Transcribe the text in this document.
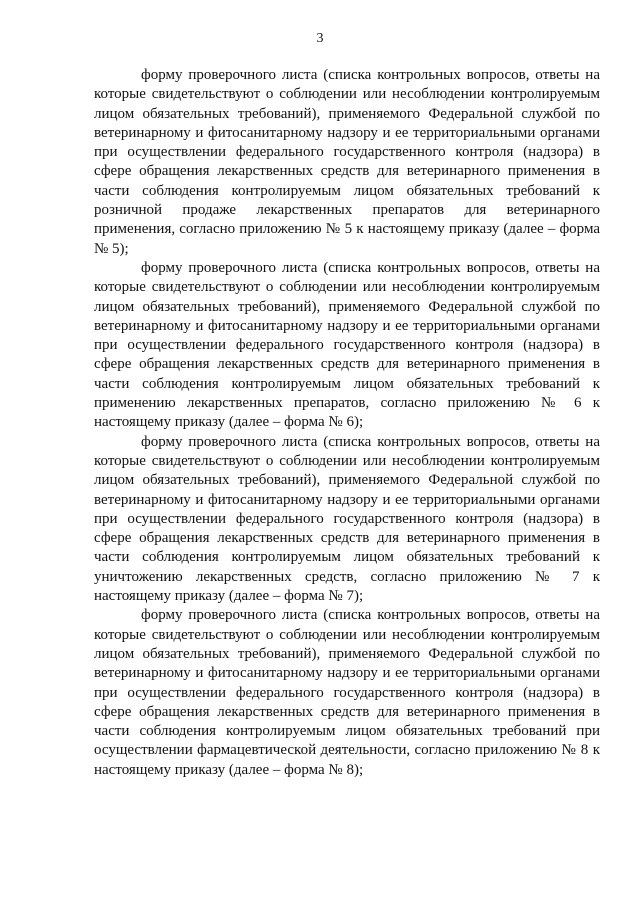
3

форму проверочного листа (списка контрольных вопросов, ответы на которые свидетельствуют о соблюдении или несоблюдении контролируемым лицом обязательных требований), применяемого Федеральной службой по ветеринарному и фитосанитарному надзору и ее территориальными органами при осуществлении федерального государственного контроля (надзора) в сфере обращения лекарственных средств для ветеринарного применения в части соблюдения контролируемым лицом обязательных требований к розничной продаже лекарственных препаратов для ветеринарного применения, согласно приложению № 5 к настоящему приказу (далее – форма № 5);

форму проверочного листа (списка контрольных вопросов, ответы на которые свидетельствуют о соблюдении или несоблюдении контролируемым лицом обязательных требований), применяемого Федеральной службой по ветеринарному и фитосанитарному надзору и ее территориальными органами при осуществлении федерального государственного контроля (надзора) в сфере обращения лекарственных средств для ветеринарного применения в части соблюдения контролируемым лицом обязательных требований к применению лекарственных препаратов, согласно приложению № 6 к настоящему приказу (далее – форма № 6);

форму проверочного листа (списка контрольных вопросов, ответы на которые свидетельствуют о соблюдении или несоблюдении контролируемым лицом обязательных требований), применяемого Федеральной службой по ветеринарному и фитосанитарному надзору и ее территориальными органами при осуществлении федерального государственного контроля (надзора) в сфере обращения лекарственных средств для ветеринарного применения в части соблюдения контролируемым лицом обязательных требований к уничтожению лекарственных средств, согласно приложению № 7 к настоящему приказу (далее – форма № 7);

форму проверочного листа (списка контрольных вопросов, ответы на которые свидетельствуют о соблюдении или несоблюдении контролируемым лицом обязательных требований), применяемого Федеральной службой по ветеринарному и фитосанитарному надзору и ее территориальными органами при осуществлении федерального государственного контроля (надзора) в сфере обращения лекарственных средств для ветеринарного применения в части соблюдения контролируемым лицом обязательных требований при осуществлении фармацевтической деятельности, согласно приложению № 8 к настоящему приказу (далее – форма № 8);
